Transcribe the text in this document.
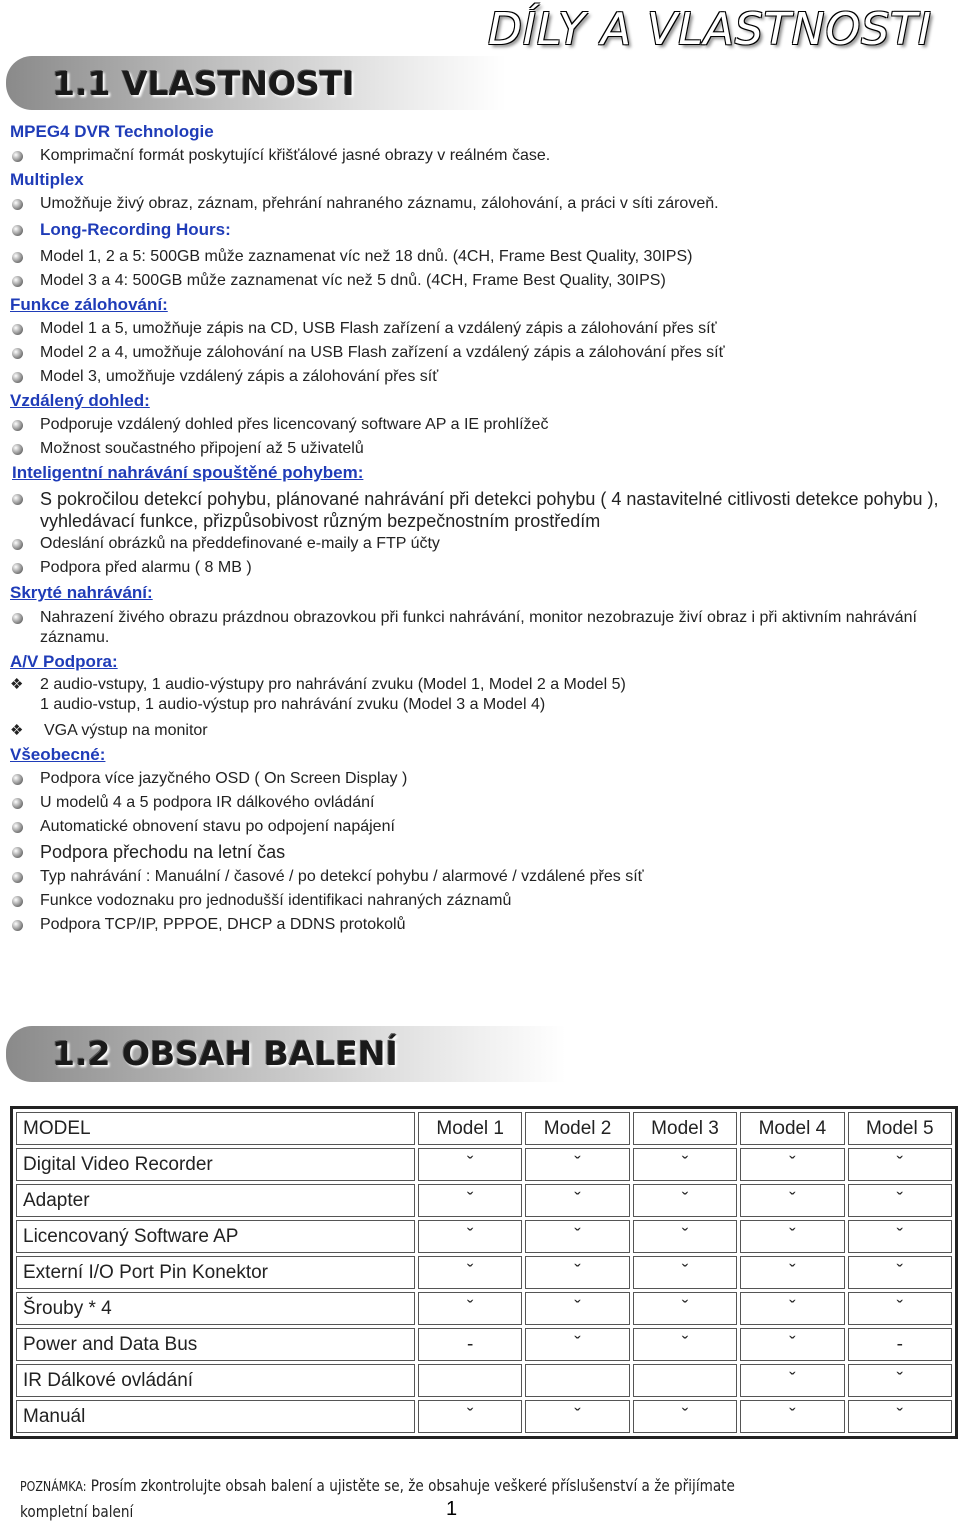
DÍLY A VLASTNOSTI
1.1 VLASTNOSTI
MPEG4 DVR Technologie
Komprimační formát poskytující křišťálové jasné obrazy v reálném čase.
Multiplex
Umožňuje živý obraz, záznam, přehrání nahraného záznamu, zálohování, a práci v síti zároveň.
Long-Recording Hours:
Model 1, 2 a 5: 500GB může zaznamenat víc než 18 dnů. (4CH, Frame Best Quality, 30IPS)
Model 3 a 4: 500GB může zaznamenat víc než 5 dnů. (4CH, Frame Best Quality, 30IPS)
Funkce zálohování:
Model 1 a 5, umožňuje zápis na CD, USB Flash zařízení a vzdálený zápis a zálohování přes síť
Model 2 a 4, umožňuje zálohování na USB Flash zařízení a vzdálený zápis a zálohování přes síť
Model 3, umožňuje vzdálený zápis a zálohování přes síť
Vzdálený dohled:
Podporuje vzdálený dohled přes licencovaný software AP a IE prohlížeč
Možnost součastného připojení až 5 uživatelů
Inteligentní nahrávání spouštěné pohybem:
S pokročilou detekcí pohybu, plánované nahrávání při detekci pohybu ( 4 nastavitelné citlivosti detekce pohybu ), vyhledávací funkce, přizpůsobivost různým bezpečnostním prostředím
Odeslání obrázků na předdefinované e-maily a FTP účty
Podpora před alarmu ( 8 MB )
Skryté nahrávání:
Nahrazení živého obrazu prázdnou obrazovkou při funkci nahrávání, monitor nezobrazuje živí obraz i při aktivním nahrávání záznamu.
A/V Podpora:
❖ 2 audio-vstupy, 1 audio-výstupy pro nahrávání zvuku (Model 1, Model 2 a Model 5)
1 audio-vstup, 1 audio-výstup pro nahrávání zvuku (Model 3 a Model 4)
❖ VGA výstup na monitor
Všeobecné:
Podpora více jazyčného OSD ( On Screen Display )
U modelů 4 a 5 podpora IR dálkového ovládání
Automatické obnovení stavu po odpojení napájení
Podpora přechodu na letní čas
Typ nahrávání : Manuální / časové / po detekcí pohybu / alarmové / vzdálené přes síť
Funkce vodoznaku pro jednodušší identifikaci nahraných záznamů
Podpora TCP/IP, PPPOE, DHCP a DDNS protokolů
1.2 OBSAH BALENÍ
MODEL	Model 1	Model 2	Model 3	Model 4	Model 5
Digital Video Recorder	ˇ	ˇ	ˇ	ˇ	ˇ
Adapter	ˇ	ˇ	ˇ	ˇ	ˇ
Licencovaný Software AP	ˇ	ˇ	ˇ	ˇ	ˇ
Externí I/O Port Pin Konektor	ˇ	ˇ	ˇ	ˇ	ˇ
Šrouby * 4	ˇ	ˇ	ˇ	ˇ	ˇ
Power and Data Bus	-	ˇ	ˇ	ˇ	-
IR Dálkové ovládání				ˇ	ˇ
Manuál	ˇ	ˇ	ˇ	ˇ	ˇ
POZNÁMKA: Prosím zkontrolujte obsah balení a ujistěte se, že obsahuje veškeré příslušenství a že přijímate kompletní balení	1
